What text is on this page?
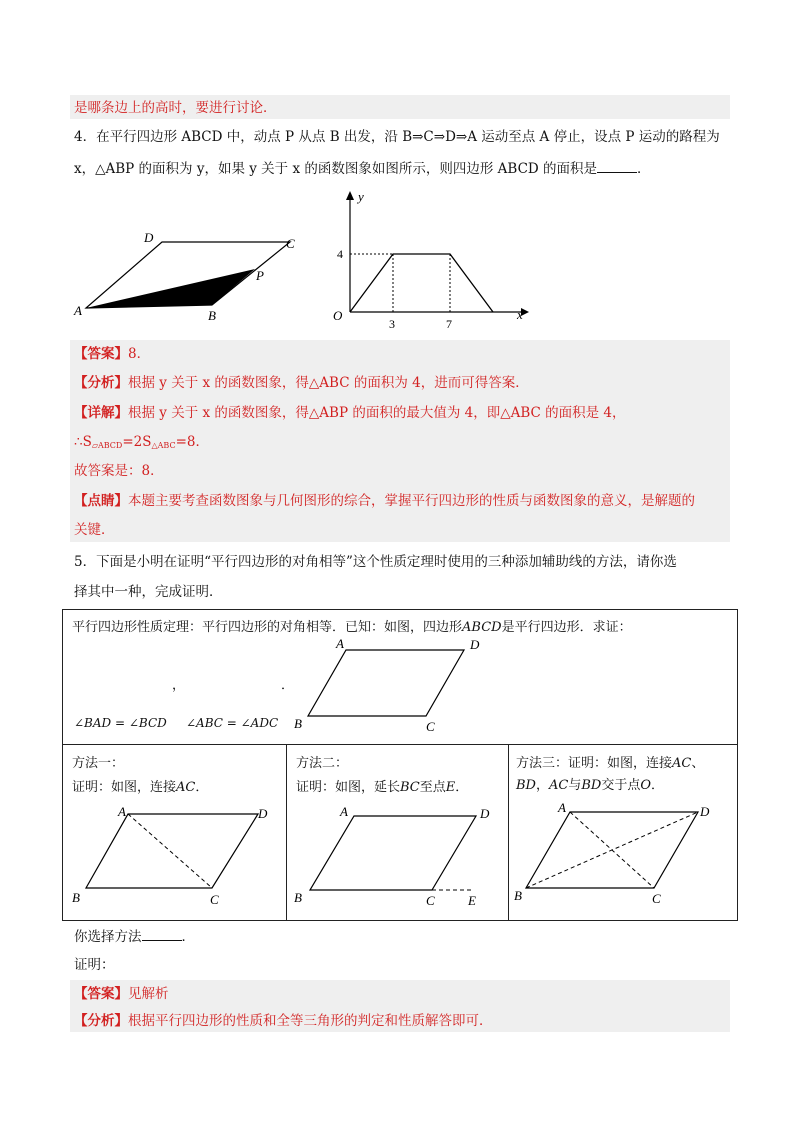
是哪条边上的高时，要进行讨论．
4．在平行四边形 ABCD 中，动点 P 从点 B 出发，沿 B⇒C⇒D⇒A 运动至点 A 停止，设点 P 运动的路程为
x，△ABP 的面积为 y，如果 y 关于 x 的函数图象如图所示，则四边形 ABCD 的面积是	．
A	B
C
D
P
y
x
O
4
3	7
【答案】8．
【分析】根据 y 关于 x 的函数图象，得△ABC 的面积为 4，进而可得答案．
【详解】根据 y 关于 x 的函数图象，得△ABP 的面积的最大值为 4，即△ABC 的面积是 4，
$\therefore S_{▱ABCD}=2S_{\triangle ABC}=8$．
故答案是：8．
【点睛】本题主要考查函数图象与几何图形的综合，掌握平行四边形的性质与函数图象的意义，是解题的
关键．
5．下面是小明在证明“平行四边形的对角相等”这个性质定理时使用的三种添加辅助线的方法，请你选
择其中一种，完成证明．
平行四边形性质定理：平行四边形的对角相等．已知：如图，四边形ABCD是平行四边形．求证：
，	．
∠BAD = ∠BCD ∠ABC = ∠ADC
A
B	C
D
方法一：
证明：如图，连接AC．
A
B	C
D
方法二：
证明：如图，延长BC至点E．
A
B	C
D
E
方法三：证明：如图，连接AC、
BD，AC与BD交于点O．
A
B	C
D
你选择方法	．
证明：
【答案】见解析
【分析】根据平行四边形的性质和全等三角形的判定和性质解答即可．
